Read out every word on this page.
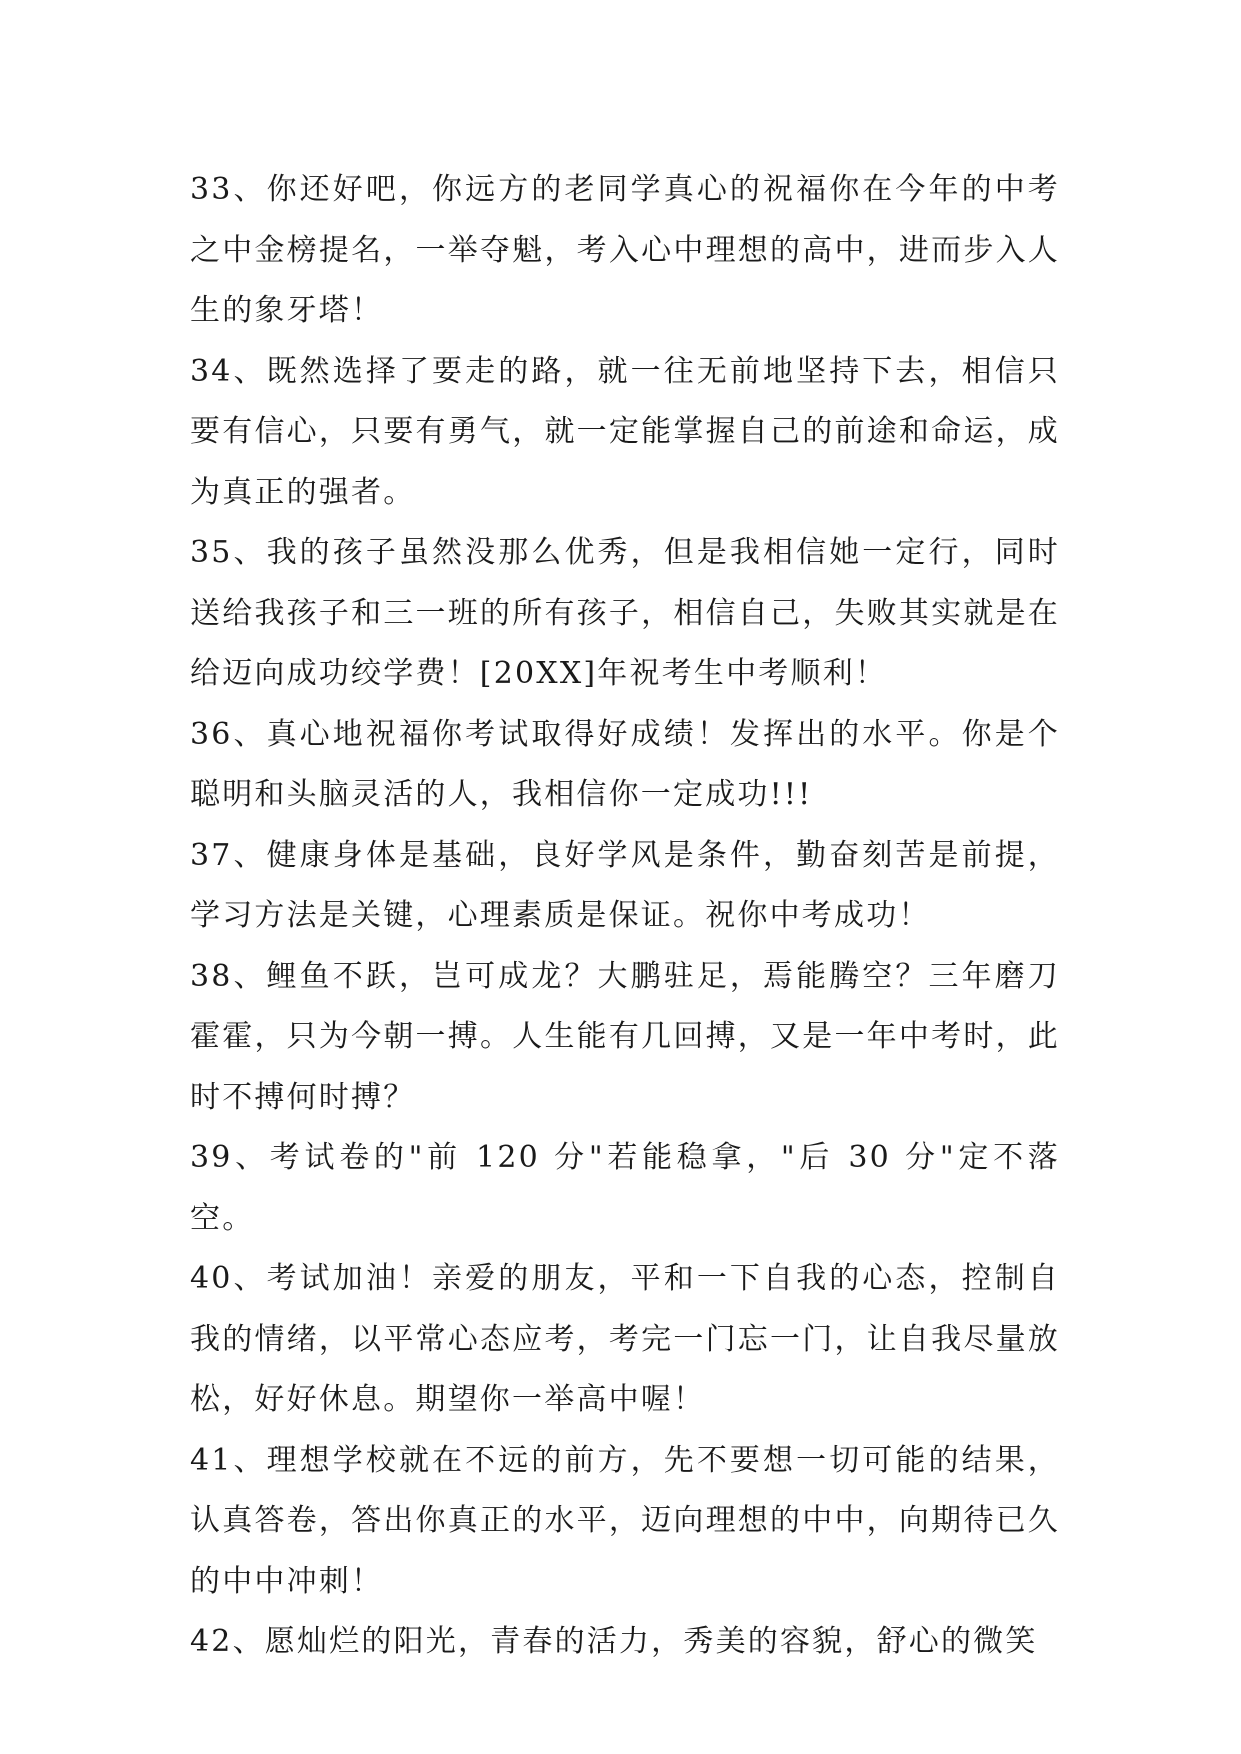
33、你还好吧，你远方的老同学真心的祝福你在今年的中考之中金榜提名，一举夺魁，考入心中理想的高中，进而步入人生的象牙塔！

34、既然选择了要走的路，就一往无前地坚持下去，相信只要有信心，只要有勇气，就一定能掌握自己的前途和命运，成为真正的强者。

35、我的孩子虽然没那么优秀，但是我相信她一定行，同时送给我孩子和三一班的所有孩子，相信自己，失败其实就是在给迈向成功绞学费！[20XX]年祝考生中考顺利！

36、真心地祝福你考试取得好成绩！发挥出的水平。你是个聪明和头脑灵活的人，我相信你一定成功!!!

37、健康身体是基础，良好学风是条件，勤奋刻苦是前提，学习方法是关键，心理素质是保证。祝你中考成功！

38、鲤鱼不跃，岂可成龙？大鹏驻足，焉能腾空？三年磨刀霍霍，只为今朝一搏。人生能有几回搏，又是一年中考时，此时不搏何时搏？

39、考试卷的"前 120 分"若能稳拿，"后 30 分"定不落空。

40、考试加油！亲爱的朋友，平和一下自我的心态，控制自我的情绪，以平常心态应考，考完一门忘一门，让自我尽量放松，好好休息。期望你一举高中喔！

41、理想学校就在不远的前方，先不要想一切可能的结果，认真答卷，答出你真正的水平，迈向理想的中中，向期待已久的中中冲刺！

42、愿灿烂的阳光，青春的活力，秀美的容貌，舒心的微笑
